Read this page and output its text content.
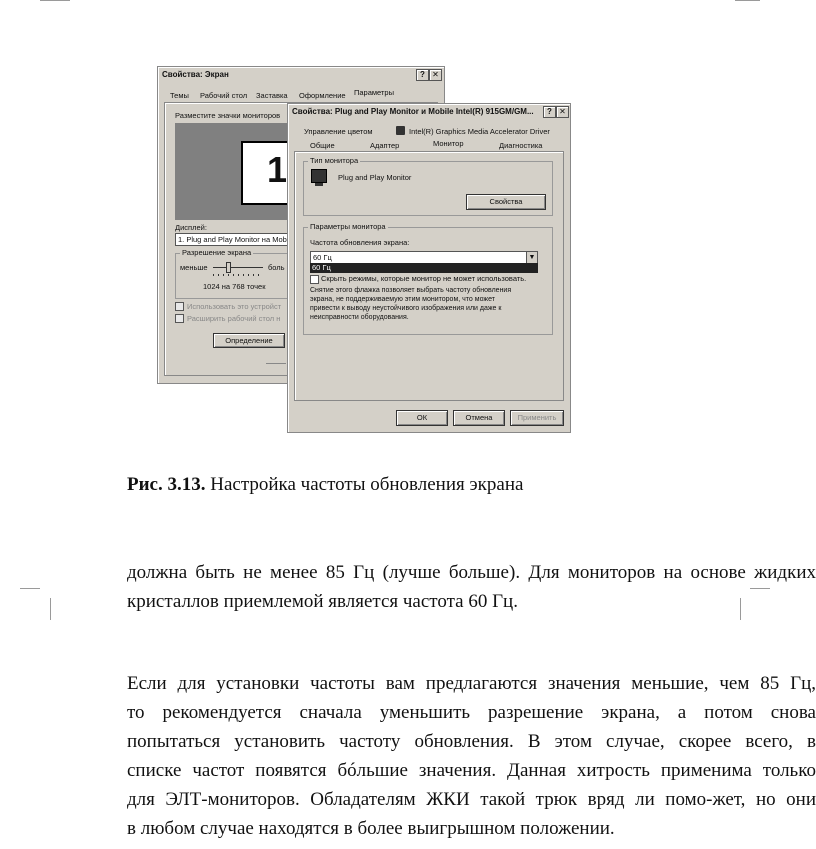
Свойства: Экран	? ✕
Темы Рабочий стол Заставка Оформление Параметры
Разместите значки мониторов
1
Дисплей:
1. Plug and Play Monitor на Mob
Разрешение экрана
меньше	боль
1024 на 768 точек
Использовать это устройст
Расширить рабочий стол н
Определение
Свойства: Plug and Play Monitor и Mobile Intel(R) 915GM/GM...	? ✕
Управление цветом	Intel(R) Graphics Media Accelerator Driver
Общие	Адаптер	Монитор	Диагностика
Тип монитора
Plug and Play Monitor
Свойства
Параметры монитора
Частота обновления экрана:
60 Гц	▼
60 Гц
Скрыть режимы, которые монитор не может использовать.
Снятие этого флажка позволяет выбрать частоту обновления
экрана, не поддерживаемую этим монитором, что может
привести к выводу неустойчивого изображения или даже к
неисправности оборудования.
ОК	Отмена	Применить
Рис. 3.13. Настройка частоты обновления экрана

должна быть не менее 85 Гц (лучше больше). Для мониторов на основе жидких
кристаллов приемлемой является частота 60 Гц.

Если для установки частоты вам предлагаются значения меньшие, чем 85 Гц,
то рекомендуется сначала уменьшить разрешение экрана, а потом снова
попытаться установить частоту обновления. В этом случае, скорее всего, в
списке частот появятся бóльшие значения. Данная хитрость применима только
для ЭЛТ-мониторов. Обладателям ЖКИ такой трюк вряд ли помо-жет, но они
в любом случае находятся в более выигрышном положении.
